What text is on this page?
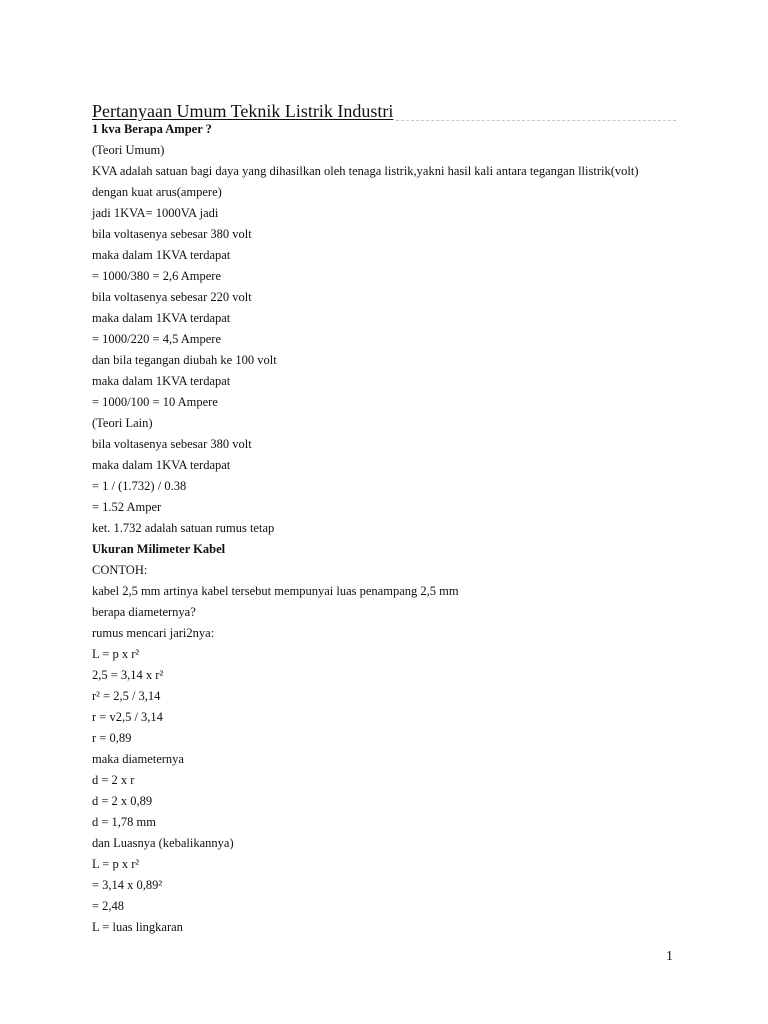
Pertanyaan Umum Teknik Listrik Industri
1 kva Berapa Amper ?
(Teori Umum)
KVA adalah satuan bagi daya yang dihasilkan oleh tenaga listrik,yakni hasil kali antara tegangan llistrik(volt)
dengan kuat arus(ampere)
jadi 1KVA= 1000VA jadi
bila voltasenya sebesar 380 volt
maka dalam 1KVA terdapat
= 1000/380 = 2,6 Ampere
bila voltasenya sebesar 220 volt
maka dalam 1KVA terdapat
= 1000/220 = 4,5 Ampere
dan bila tegangan diubah ke 100 volt
maka dalam 1KVA terdapat
= 1000/100 = 10 Ampere
(Teori Lain)
bila voltasenya sebesar 380 volt
maka dalam 1KVA terdapat
= 1 / (1.732) / 0.38
= 1.52 Amper
ket. 1.732 adalah satuan rumus tetap
Ukuran Milimeter Kabel
CONTOH:
kabel 2,5 mm artinya kabel tersebut mempunyai luas penampang 2,5 mm
berapa diameternya?
rumus mencari jari2nya:
L = p x r²
2,5 = 3,14 x r²
r² = 2,5 / 3,14
r = v2,5 / 3,14
r = 0,89
maka diameternya
d = 2 x r
d = 2 x 0,89
d = 1,78 mm
dan Luasnya (kebalikannya)
L = p x r²
= 3,14 x 0,89²
= 2,48
L = luas lingkaran
1
